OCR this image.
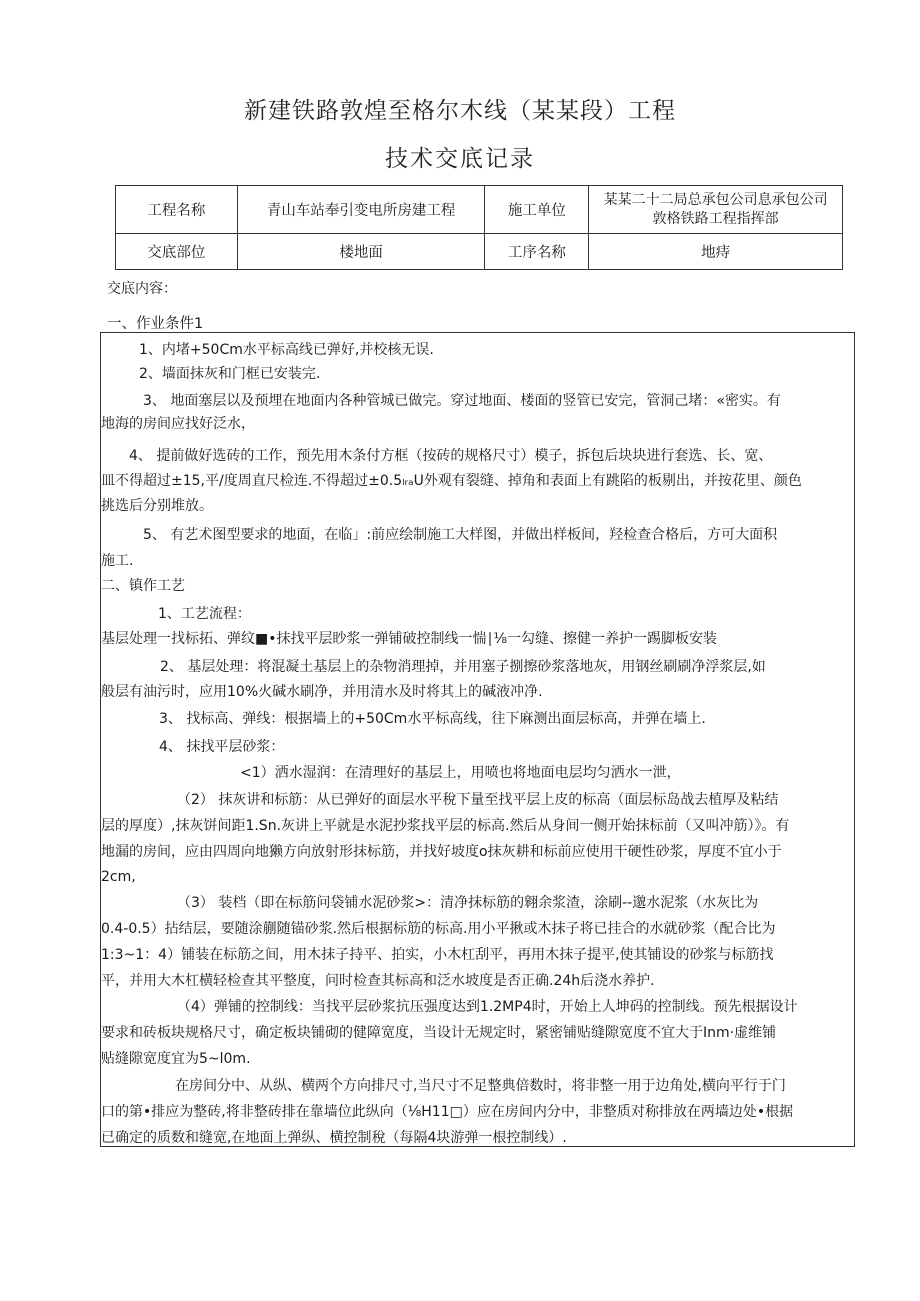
新建铁路敦煌至格尔木线（某某段）工程
技术交底记录
工程名称	青山车站奉引变电所房建工程	施工单位	某某二十二局总承包公司息承包公司
敦格铁路工程指挥部

交底部位	楼地面	工序名称	地痔
交底内容：
一、作业条件1
1、内堵+50Cm水平标高线已弹好,并校核无误.
2、墙面抹灰和门框已安装完.
3、 地面塞层以及预埋在地面内各种管城已做完。穿过地面、楼面的竖管已安完，管洞己堵：«密实。有
地海的房间应找好泛水，
4、 提前做好选砖的工作，预先用木条付方框（按砖的规格尺寸）模子，拆包后块块进行套选、长、宽、
皿不得超过±15,平/度周直尺检连.不得超过±0.5ₗᵣₐU外观有裂缝、掉角和表面上有跳陷的板剔出，并按花里、颜色
挑选后分别堆放。
5、 有艺术图型要求的地面，在临」:前应绘制施工大样图，并做出样板间，羟检查合格后，方可大面积
施工.
二、镇作工艺
1、工艺流程：
基层处理一找标拓、弹纹■•抹找平层眇浆一弹铺破控制线一惴∣⅛一勾缝、擦健一养护一踢脚板安装
2、 基层处理：将混凝土基层上的杂物消理掉，并用塞子捌擦砂浆落地灰，用钢丝刷刷净浮浆层,如
般层有油污时，应用10%火碱水刷净，并用清水及时将其上的碱液冲净.
3、 找标高、弹线：根据墙上的+50Cm水平标高线，往下麻测出面层标高，并弹在墙上.
4、 抹找平层砂浆：
<1）洒水湿润：在清理好的基层上，用喷也将地面电层均匀洒水一泄，
（2） 抹灰讲和标筋：从已弹好的面层水平稅下量至找平层上皮的标高（面层标岛战去植厚及粘结
层的厚度）,抹灰饼间距1.Sn.灰讲上平就是水泥抄浆找平层的标高.然后从身间一侧开始抹标前（又叫冲筋）》。有
地漏的房间，应由四周向地獭方向放射形抹标筋，并找好坡度o抹灰耕和标前应使用干硬性砂浆，厚度不宜小于
2cm,
（3） 装档（即在标筋问袋铺水泥砂浆>：清净抹标筋的翱余浆渣，涂刷--邈水泥浆（水灰比为
0.4-0.5）拈结层，要随涂蒯随锚砂浆.然后根据标筋的标高.用小平揪或木抹子将已挂合的水就砂浆（配合比为
1:3~1：4）铺装在标筋之间，用木抹子持平、拍实，小木杠刮平，再用木抹子提平,使其铺设的砂浆与标筋找
平，并用大木杠横轻检查其平整度，问时检查其标高和泛水坡度是否正确.24h后浇水养护.
（4）弹铺的控制线：当找平层砂浆抗压强度达到1.2MP4时，开始上人坤码的控制线。预先根据设计
要求和砖板块规格尺寸，确定板块铺砌的健障宽度，当设计无规定时，紧密铺贴缝隙宽度不宜大于Inm·虚维铺
贴缝隙宽度宜为5~l0m.
在房间分中、从纵、横两个方向排尺寸,当尺寸不足整典倍数时，将非整一用于边角处,横向平行于门
口的第•排应为整砖,将非整砖排在靠墙位此纵向（⅛H11□）应在房间内分中，非整质对称排放在两墙边处•根据
已确定的质数和缝宽,在地面上弹纵、横控制稅（每隔4块游弹一根控制线）.
